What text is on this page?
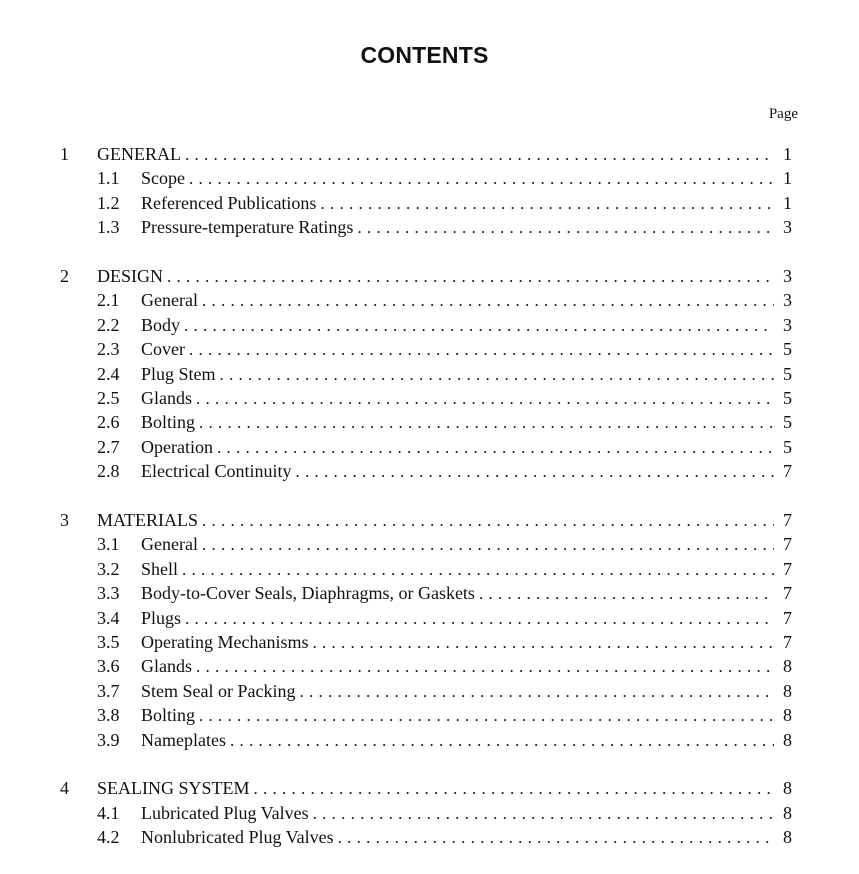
CONTENTS
Page
1	GENERAL . . .	1
1.1	Scope . . .	1
1.2	Referenced Publications . . .	1
1.3	Pressure-temperature Ratings . . .	3
2	DESIGN . . .	3
2.1	General . . .	3
2.2	Body . . .	3
2.3	Cover . . .	5
2.4	Plug Stem . . .	5
2.5	Glands . . .	5
2.6	Bolting . . .	5
2.7	Operation . . .	5
2.8	Electrical Continuity . . .	7
3	MATERIALS . . .	7
3.1	General . . .	7
3.2	Shell . . .	7
3.3	Body-to-Cover Seals, Diaphragms, or Gaskets . . .	7
3.4	Plugs . . .	7
3.5	Operating Mechanisms . . .	7
3.6	Glands . . .	8
3.7	Stem Seal or Packing . . .	8
3.8	Bolting . . .	8
3.9	Nameplates . . .	8
4	SEALING SYSTEM . . .	8
4.1	Lubricated Plug Valves . . .	8
4.2	Nonlubricated Plug Valves . . .	8
